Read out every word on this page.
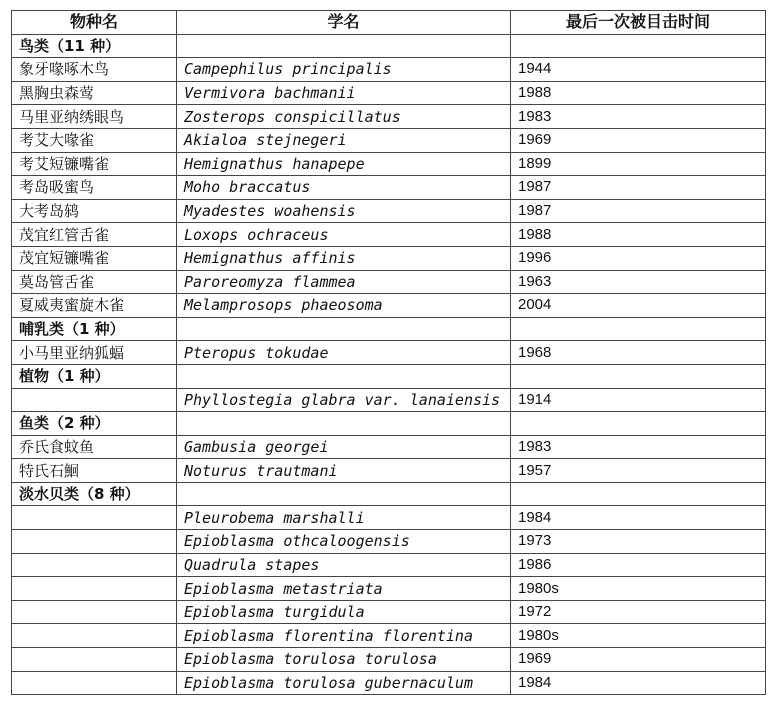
物种名	学名	最后一次被目击时间
鸟类（11 种）		
象牙喙啄木鸟	Campephilus principalis	1944
黑胸虫森莺	Vermivora bachmanii	1988
马里亚纳绣眼鸟	Zosterops conspicillatus	1983
考艾大喙雀	Akialoa stejnegeri	1969
考艾短镰嘴雀	Hemignathus hanapepe	1899
考岛吸蜜鸟	Moho braccatus	1987
大考岛鸫	Myadestes woahensis	1987
茂宜红管舌雀	Loxops ochraceus	1988
茂宜短镰嘴雀	Hemignathus affinis	1996
莫岛管舌雀	Paroreomyza flammea	1963
夏威夷蜜旋木雀	Melamprosops phaeosoma	2004
哺乳类（1 种）		
小马里亚纳狐蝠	Pteropus tokudae	1968
植物（1 种）		
	Phyllostegia glabra var. lanaiensis	1914
鱼类（2 种）		
乔氏食蚊鱼	Gambusia georgei	1983
特氏石鮰	Noturus trautmani	1957
淡水贝类（8 种）		
	Pleurobema marshalli	1984
	Epioblasma othcaloogensis	1973
	Quadrula stapes	1986
	Epioblasma metastriata	1980s
	Epioblasma turgidula	1972
	Epioblasma florentina florentina	1980s
	Epioblasma torulosa torulosa	1969
	Epioblasma torulosa gubernaculum	1984
